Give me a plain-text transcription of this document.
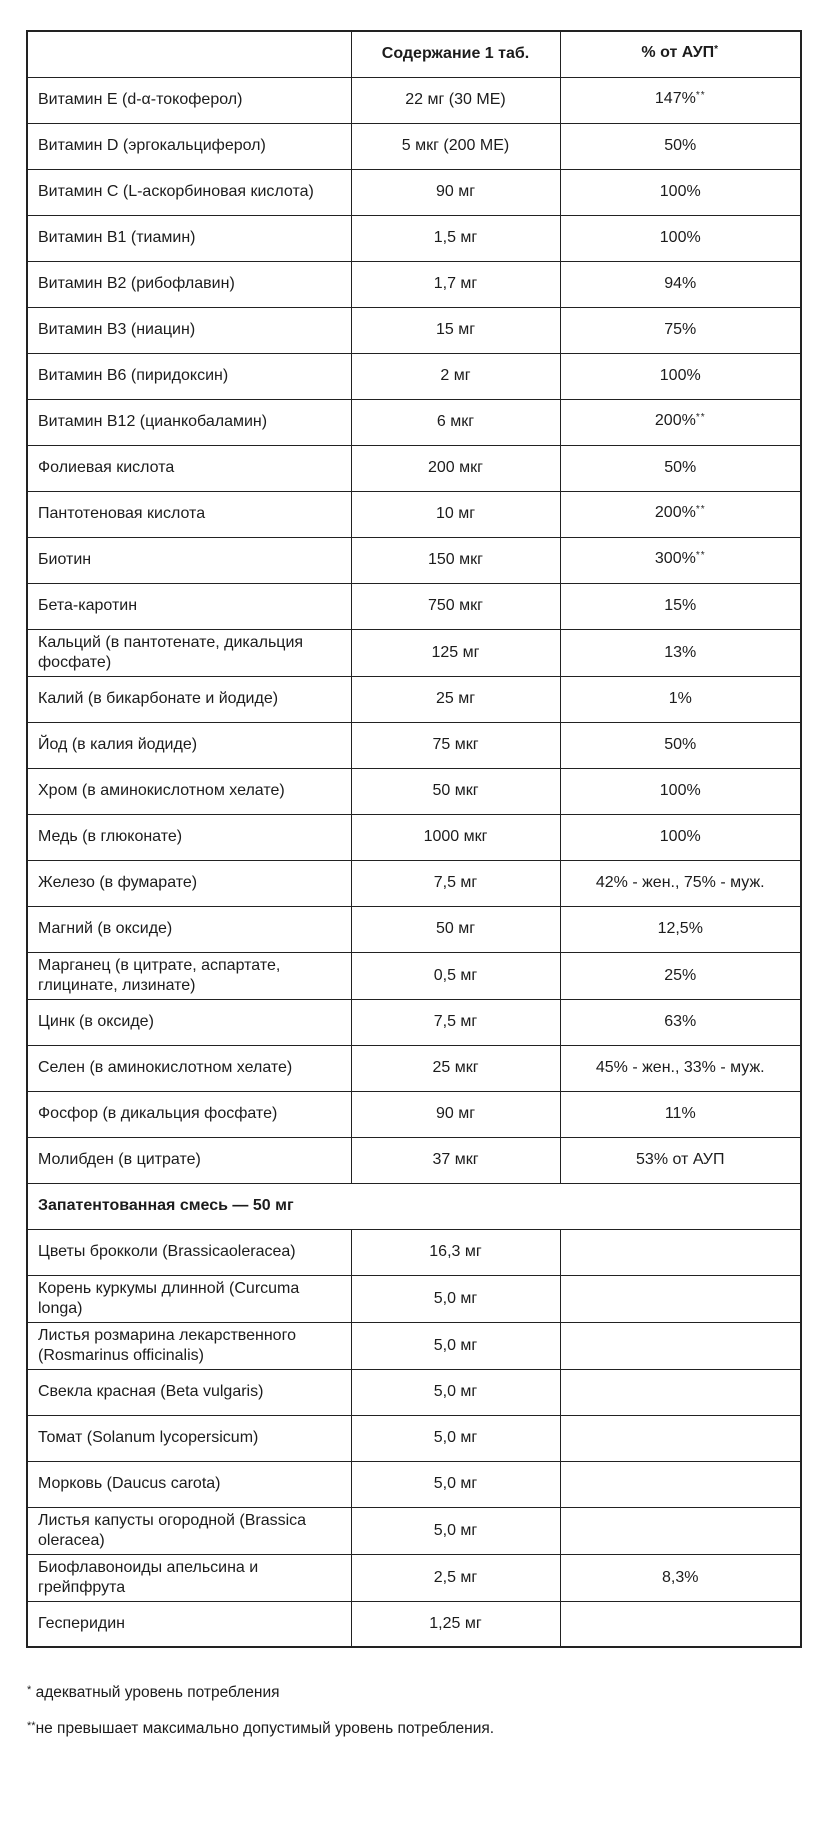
	Содержание 1 таб.	% от АУП*
Витамин E (d-α-токоферол)	22 мг (30 МЕ)	147%**
Витамин D (эргокальциферол)	5 мкг (200 МЕ)	50%
Витамин C (L-аскорбиновая кислота)	90 мг	100%
Витамин B1 (тиамин)	1,5 мг	100%
Витамин B2 (рибофлавин)	1,7 мг	94%
Витамин B3 (ниацин)	15 мг	75%
Витамин B6 (пиридоксин)	2 мг	100%
Витамин B12 (цианкобаламин)	6 мкг	200%**
Фолиевая кислота	200 мкг	50%
Пантотеновая кислота	10 мг	200%**
Биотин	150 мкг	300%**
Бета-каротин	750 мкг	15%
Кальций (в пантотенате, дикальция фосфате)	125 мг	13%
Калий (в бикарбонате и йодиде)	25 мг	1%
Йод (в калия йодиде)	75 мкг	50%
Хром (в аминокислотном хелате)	50 мкг	100%
Медь (в глюконате)	1000 мкг	100%
Железо (в фумарате)	7,5 мг	42% - жен., 75% - муж.
Магний (в оксиде)	50 мг	12,5%
Марганец (в цитрате, аспартате, глицинате, лизинате)	0,5 мг	25%
Цинк (в оксиде)	7,5 мг	63%
Селен (в аминокислотном хелате)	25 мкг	45% - жен., 33% - муж.
Фосфор (в дикальция фосфате)	90 мг	11%
Молибден (в цитрате)	37 мкг	53% от АУП
Запатентованная смесь — 50 мг		
Цветы брокколи (Brassicaoleracea)	16,3 мг	
Корень куркумы длинной (Curcuma longa)	5,0 мг	
Листья розмарина лекарственного (Rosmarinus officinalis)	5,0 мг	
Свекла красная (Beta vulgaris)	5,0 мг	
Томат (Solanum lycopersicum)	5,0 мг	
Морковь (Daucus carota)	5,0 мг	
Листья капусты огородной (Brassica oleracea)	5,0 мг	
Биофлавоноиды апельсина и грейпфрута	2,5 мг	8,3%
Гесперидин	1,25 мг	

* адекватный уровень потребления

**не превышает максимально допустимый уровень потребления.
